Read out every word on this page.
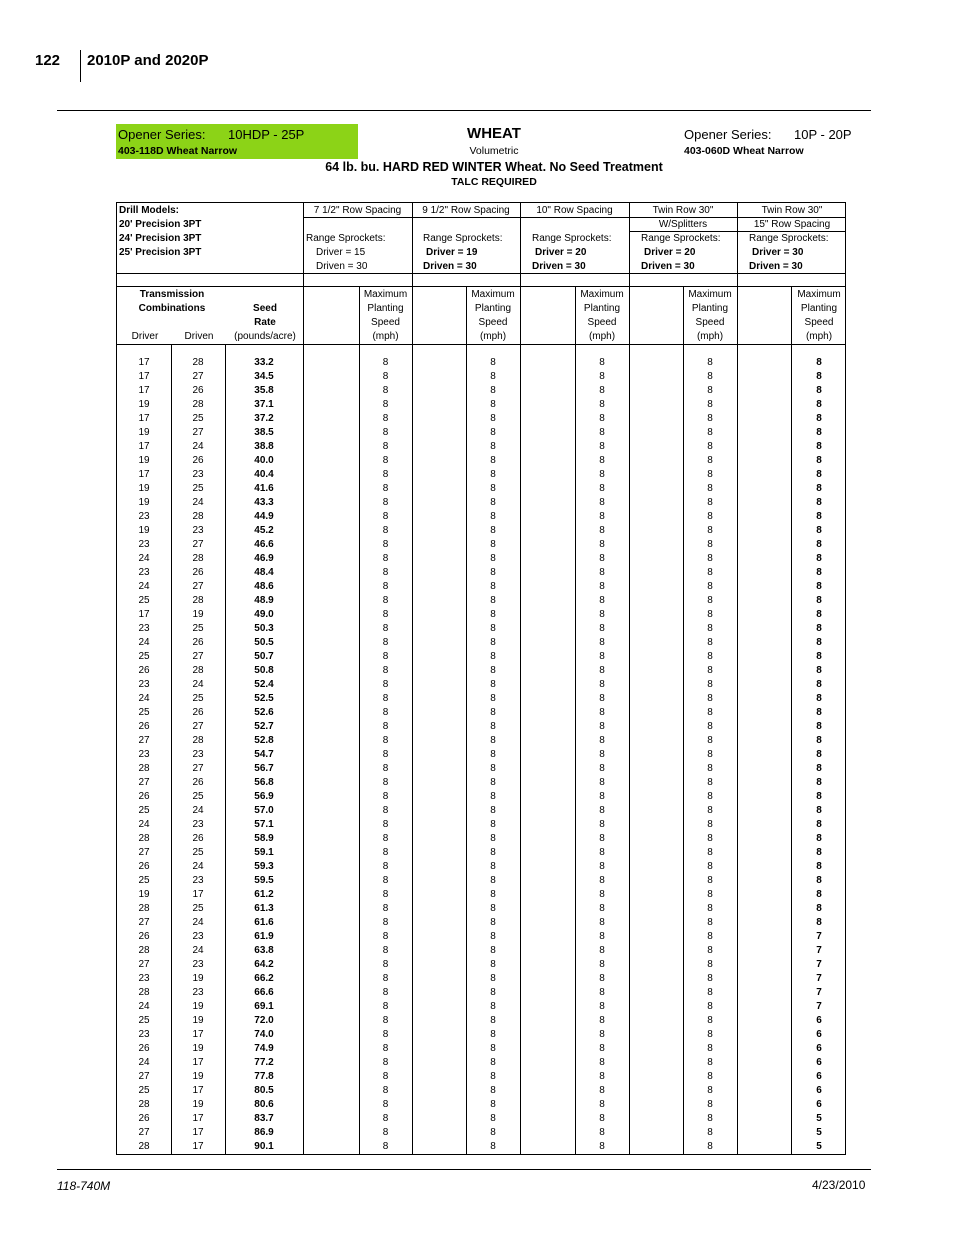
122 2010P and 2020P
Opener Series: 10HDP - 25P
403-118D Wheat Narrow
WHEAT
Volumetric
64 lb. bu. HARD RED WINTER Wheat. No Seed Treatment
TALC REQUIRED
Opener Series: 10P - 20P
403-060D Wheat Narrow
Drill Models:
20' Precision 3PT
24' Precision 3PT
25' Precision 3PT
7 1/2" Row Spacing	9 1/2" Row Spacing	10" Row Spacing	Twin Row 30"
W/Splitters
Twin Row 30"
15" Row Spacing
Range Sprockets:
Driver = 15
Driven = 30
Range Sprockets:
Driver = 19
Driven = 30
Range Sprockets:
Driver = 20
Driven = 30
Range Sprockets:
Driver = 20
Driven = 30
Range Sprockets:
Driver = 30
Driven = 30
Transmission
Combinations
Driver	Driven
Seed
Rate
(pounds/acre)
Maximum
Planting
Speed
(mph)
Maximum
Planting
Speed
(mph)
Maximum
Planting
Speed
(mph)
Maximum
Planting
Speed
(mph)
Maximum
Planting
Speed
(mph)
17	28	33.2	8	8	8	8	8
17	27	34.5	8	8	8	8	8
17	26	35.8	8	8	8	8	8
19	28	37.1	8	8	8	8	8
17	25	37.2	8	8	8	8	8
19	27	38.5	8	8	8	8	8
17	24	38.8	8	8	8	8	8
19	26	40.0	8	8	8	8	8
17	23	40.4	8	8	8	8	8
19	25	41.6	8	8	8	8	8
19	24	43.3	8	8	8	8	8
23	28	44.9	8	8	8	8	8
19	23	45.2	8	8	8	8	8
23	27	46.6	8	8	8	8	8
24	28	46.9	8	8	8	8	8
23	26	48.4	8	8	8	8	8
24	27	48.6	8	8	8	8	8
25	28	48.9	8	8	8	8	8
17	19	49.0	8	8	8	8	8
23	25	50.3	8	8	8	8	8
24	26	50.5	8	8	8	8	8
25	27	50.7	8	8	8	8	8
26	28	50.8	8	8	8	8	8
23	24	52.4	8	8	8	8	8
24	25	52.5	8	8	8	8	8
25	26	52.6	8	8	8	8	8
26	27	52.7	8	8	8	8	8
27	28	52.8	8	8	8	8	8
23	23	54.7	8	8	8	8	8
28	27	56.7	8	8	8	8	8
27	26	56.8	8	8	8	8	8
26	25	56.9	8	8	8	8	8
25	24	57.0	8	8	8	8	8
24	23	57.1	8	8	8	8	8
28	26	58.9	8	8	8	8	8
27	25	59.1	8	8	8	8	8
26	24	59.3	8	8	8	8	8
25	23	59.5	8	8	8	8	8
19	17	61.2	8	8	8	8	8
28	25	61.3	8	8	8	8	8
27	24	61.6	8	8	8	8	8
26	23	61.9	8	8	8	8	7
28	24	63.8	8	8	8	8	7
27	23	64.2	8	8	8	8	7
23	19	66.2	8	8	8	8	7
28	23	66.6	8	8	8	8	7
24	19	69.1	8	8	8	8	7
25	19	72.0	8	8	8	8	6
23	17	74.0	8	8	8	8	6
26	19	74.9	8	8	8	8	6
24	17	77.2	8	8	8	8	6
27	19	77.8	8	8	8	8	6
25	17	80.5	8	8	8	8	6
28	19	80.6	8	8	8	8	6
26	17	83.7	8	8	8	8	5
27	17	86.9	8	8	8	8	5
28	17	90.1	8	8	8	8	5
118-740M	4/23/2010
